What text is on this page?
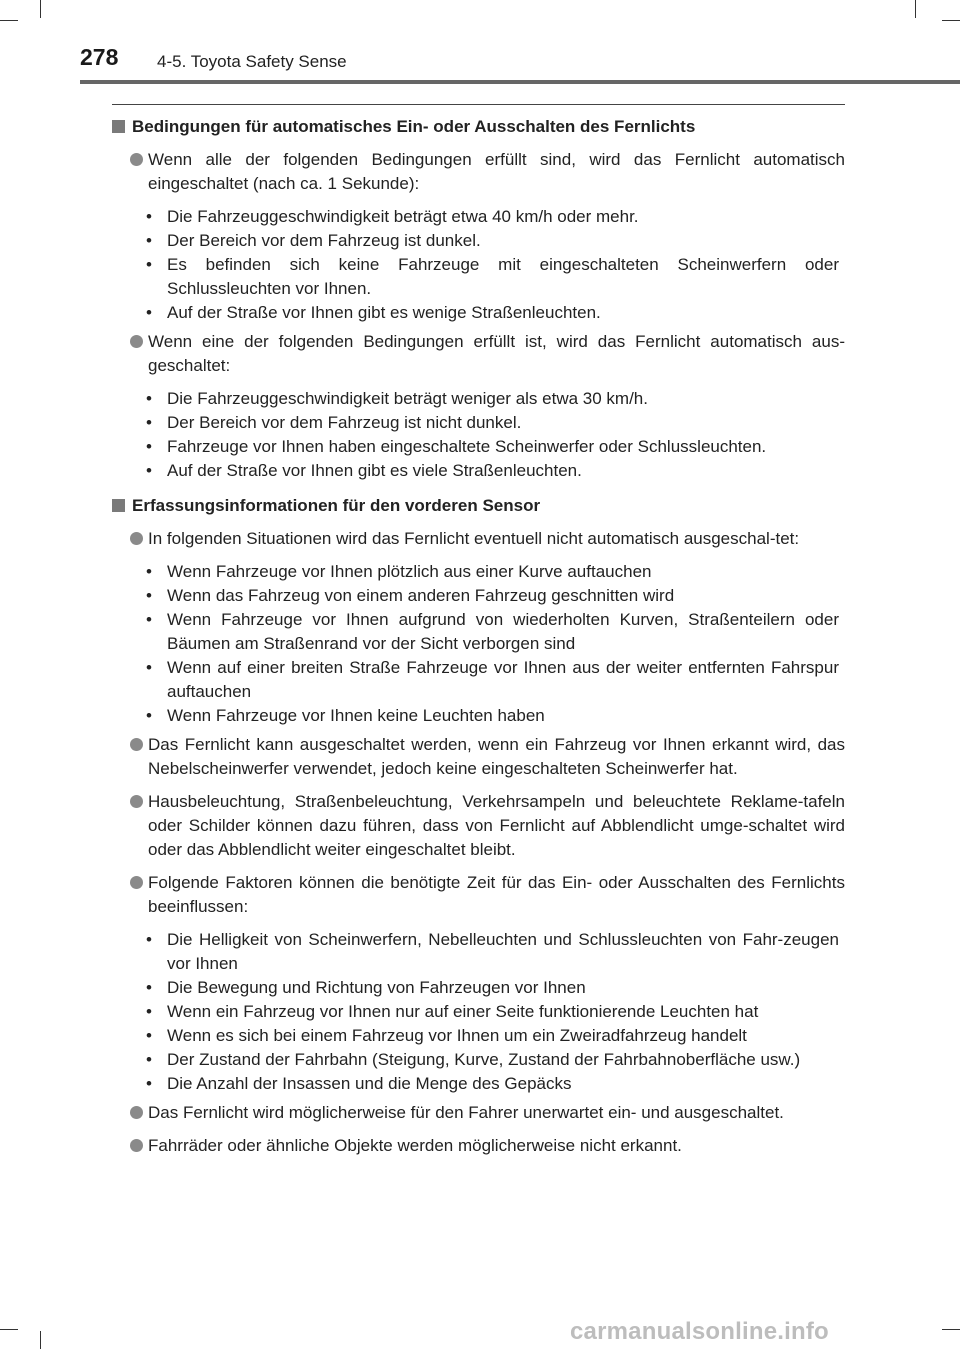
278 4-5. Toyota Safety Sense
Bedingungen für automatisches Ein- oder Ausschalten des Fernlichts
Wenn alle der folgenden Bedingungen erfüllt sind, wird das Fernlicht automatisch eingeschaltet (nach ca. 1 Sekunde):
• Die Fahrzeuggeschwindigkeit beträgt etwa 40 km/h oder mehr.
• Der Bereich vor dem Fahrzeug ist dunkel.
• Es befinden sich keine Fahrzeuge mit eingeschalteten Scheinwerfern oder Schlussleuchten vor Ihnen.
• Auf der Straße vor Ihnen gibt es wenige Straßenleuchten.
Wenn eine der folgenden Bedingungen erfüllt ist, wird das Fernlicht automatisch aus-geschaltet:
• Die Fahrzeuggeschwindigkeit beträgt weniger als etwa 30 km/h.
• Der Bereich vor dem Fahrzeug ist nicht dunkel.
• Fahrzeuge vor Ihnen haben eingeschaltete Scheinwerfer oder Schlussleuchten.
• Auf der Straße vor Ihnen gibt es viele Straßenleuchten.
Erfassungsinformationen für den vorderen Sensor
In folgenden Situationen wird das Fernlicht eventuell nicht automatisch ausgeschal-tet:
• Wenn Fahrzeuge vor Ihnen plötzlich aus einer Kurve auftauchen
• Wenn das Fahrzeug von einem anderen Fahrzeug geschnitten wird
• Wenn Fahrzeuge vor Ihnen aufgrund von wiederholten Kurven, Straßenteilern oder Bäumen am Straßenrand vor der Sicht verborgen sind
• Wenn auf einer breiten Straße Fahrzeuge vor Ihnen aus der weiter entfernten Fahrspur auftauchen
• Wenn Fahrzeuge vor Ihnen keine Leuchten haben
Das Fernlicht kann ausgeschaltet werden, wenn ein Fahrzeug vor Ihnen erkannt wird, das Nebelscheinwerfer verwendet, jedoch keine eingeschalteten Scheinwerfer hat.
Hausbeleuchtung, Straßenbeleuchtung, Verkehrsampeln und beleuchtete Reklame-tafeln oder Schilder können dazu führen, dass von Fernlicht auf Abblendlicht umge-schaltet wird oder das Abblendlicht weiter eingeschaltet bleibt.
Folgende Faktoren können die benötigte Zeit für das Ein- oder Ausschalten des Fernlichts beeinflussen:
• Die Helligkeit von Scheinwerfern, Nebelleuchten und Schlussleuchten von Fahr-zeugen vor Ihnen
• Die Bewegung und Richtung von Fahrzeugen vor Ihnen
• Wenn ein Fahrzeug vor Ihnen nur auf einer Seite funktionierende Leuchten hat
• Wenn es sich bei einem Fahrzeug vor Ihnen um ein Zweiradfahrzeug handelt
• Der Zustand der Fahrbahn (Steigung, Kurve, Zustand der Fahrbahnoberfläche usw.)
• Die Anzahl der Insassen und die Menge des Gepäcks
Das Fernlicht wird möglicherweise für den Fahrer unerwartet ein- und ausgeschaltet.
Fahrräder oder ähnliche Objekte werden möglicherweise nicht erkannt.
carmanualsonline.info
